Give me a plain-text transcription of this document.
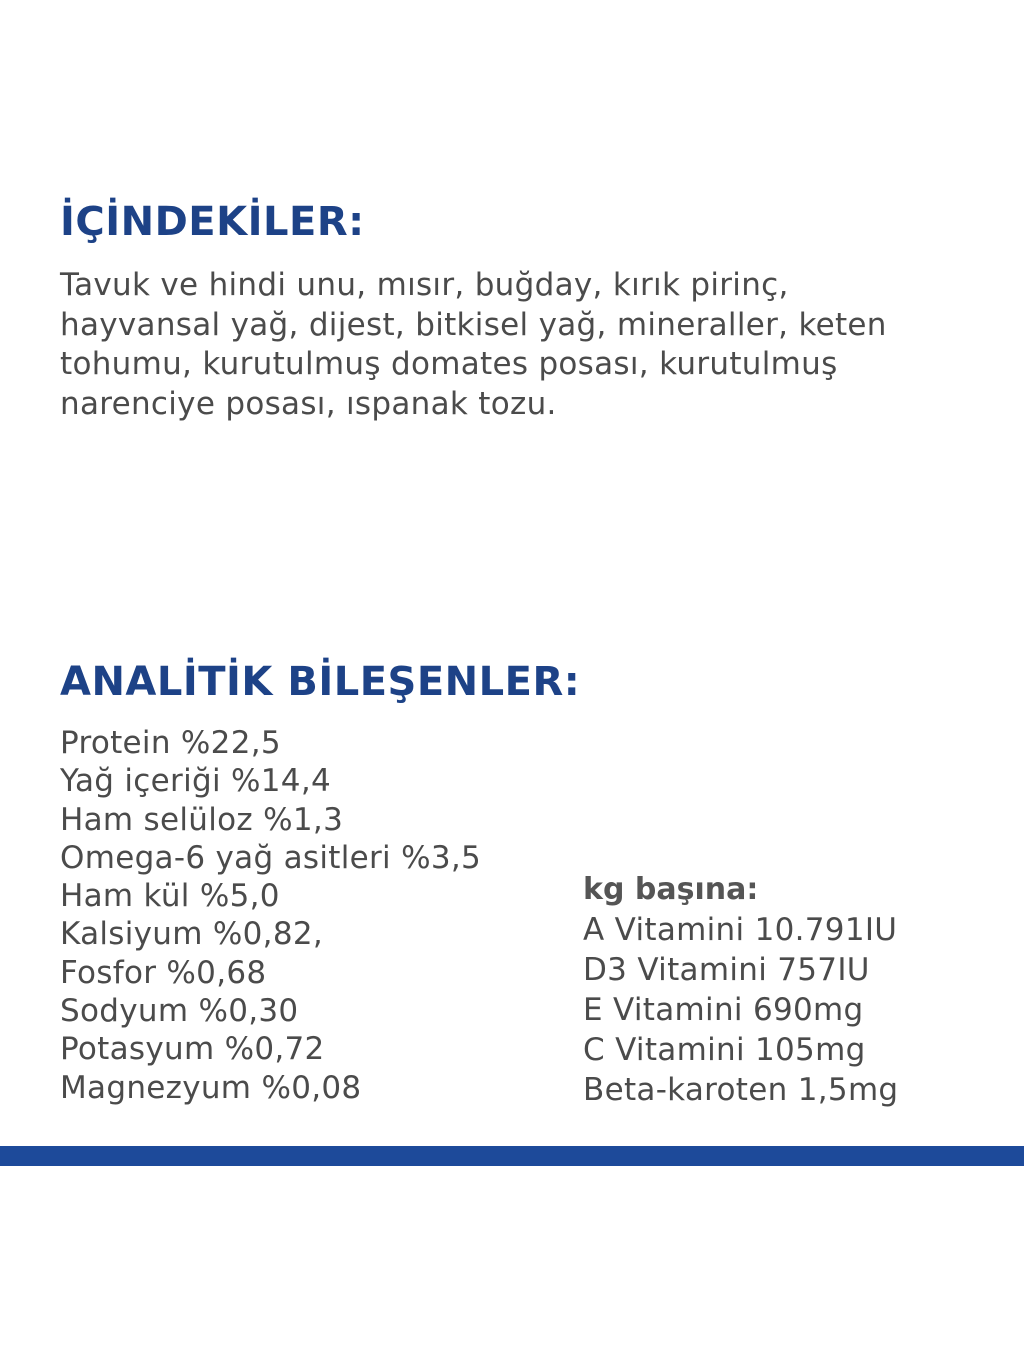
İÇİNDEKİLER:

Tavuk ve hindi unu, mısır, buğday, kırık pirinç,
hayvansal yağ, dijest, bitkisel yağ, mineraller, keten
tohumu, kurutulmuş domates posası, kurutulmuş
narenciye posası, ıspanak tozu.

ANALİTİK BİLEŞENLER:
Protein %22,5
Yağ içeriği %14,4
Ham selüloz %1,3
Omega-6 yağ asitleri %3,5
Ham kül %5,0
Kalsiyum %0,82,
Fosfor %0,68
Sodyum %0,30
Potasyum %0,72
Magnezyum %0,08

kg başına:

A Vitamini 10.791IU
D3 Vitamini 757IU
E Vitamini 690mg
C Vitamini 105mg
Beta-karoten 1,5mg
